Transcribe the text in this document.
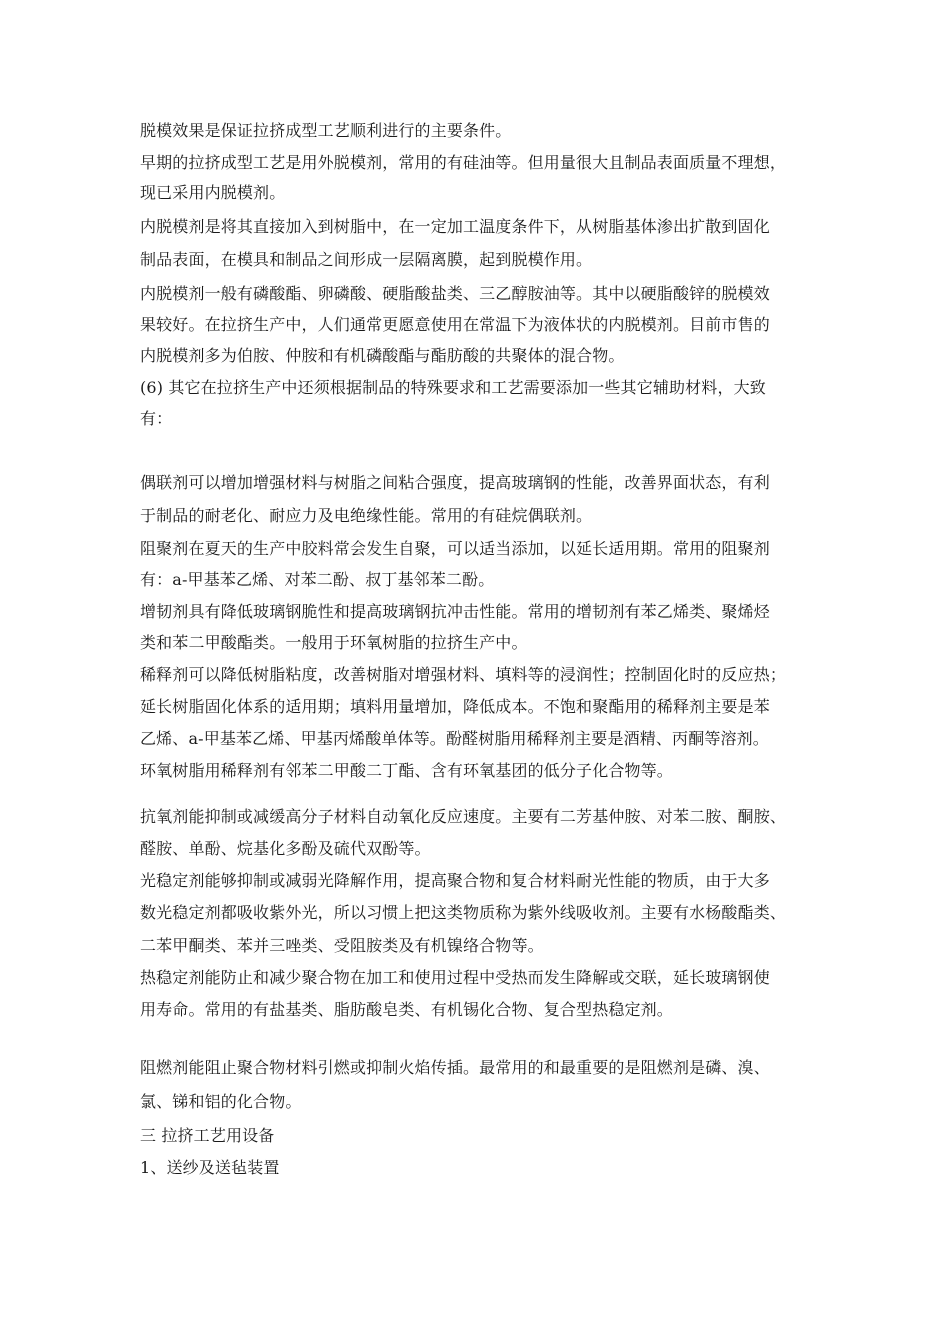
脱模效果是保证拉挤成型工艺顺利进行的主要条件。
早期的拉挤成型工艺是用外脱模剂，常用的有硅油等。但用量很大且制品表面质量不理想，
现已采用内脱模剂。
内脱模剂是将其直接加入到树脂中，在一定加工温度条件下，从树脂基体渗出扩散到固化
制品表面，在模具和制品之间形成一层隔离膜，起到脱模作用。
内脱模剂一般有磷酸酯、卵磷酸、硬脂酸盐类、三乙醇胺油等。其中以硬脂酸锌的脱模效
果较好。在拉挤生产中，人们通常更愿意使用在常温下为液体状的内脱模剂。目前市售的
内脱模剂多为伯胺、仲胺和有机磷酸酯与酯肪酸的共聚体的混合物。
(6) 其它在拉挤生产中还须根据制品的特殊要求和工艺需要添加一些其它辅助材料，大致
有：
偶联剂可以增加增强材料与树脂之间粘合强度，提高玻璃钢的性能，改善界面状态，有利
于制品的耐老化、耐应力及电绝缘性能。常用的有硅烷偶联剂。
阻聚剂在夏天的生产中胶料常会发生自聚，可以适当添加，以延长适用期。常用的阻聚剂
有：a-甲基苯乙烯、对苯二酚、叔丁基邻苯二酚。
增韧剂具有降低玻璃钢脆性和提高玻璃钢抗冲击性能。常用的增韧剂有苯乙烯类、聚烯烃
类和苯二甲酸酯类。一般用于环氧树脂的拉挤生产中。
稀释剂可以降低树脂粘度，改善树脂对增强材料、填料等的浸润性；控制固化时的反应热；
延长树脂固化体系的适用期；填料用量增加，降低成本。不饱和聚酯用的稀释剂主要是苯
乙烯、a-甲基苯乙烯、甲基丙烯酸单体等。酚醛树脂用稀释剂主要是酒精、丙酮等溶剂。
环氧树脂用稀释剂有邻苯二甲酸二丁酯、含有环氧基团的低分子化合物等。
抗氧剂能抑制或减缓高分子材料自动氧化反应速度。主要有二芳基仲胺、对苯二胺、酮胺、
醛胺、单酚、烷基化多酚及硫代双酚等。
光稳定剂能够抑制或减弱光降解作用，提高聚合物和复合材料耐光性能的物质，由于大多
数光稳定剂都吸收紫外光，所以习惯上把这类物质称为紫外线吸收剂。主要有水杨酸酯类、
二苯甲酮类、苯并三唑类、受阻胺类及有机镍络合物等。
热稳定剂能防止和减少聚合物在加工和使用过程中受热而发生降解或交联，延长玻璃钢使
用寿命。常用的有盐基类、脂肪酸皂类、有机锡化合物、复合型热稳定剂。
阻燃剂能阻止聚合物材料引燃或抑制火焰传插。最常用的和最重要的是阻燃剂是磷、溴、
氯、锑和铝的化合物。
三 拉挤工艺用设备
1、送纱及送毡装置
